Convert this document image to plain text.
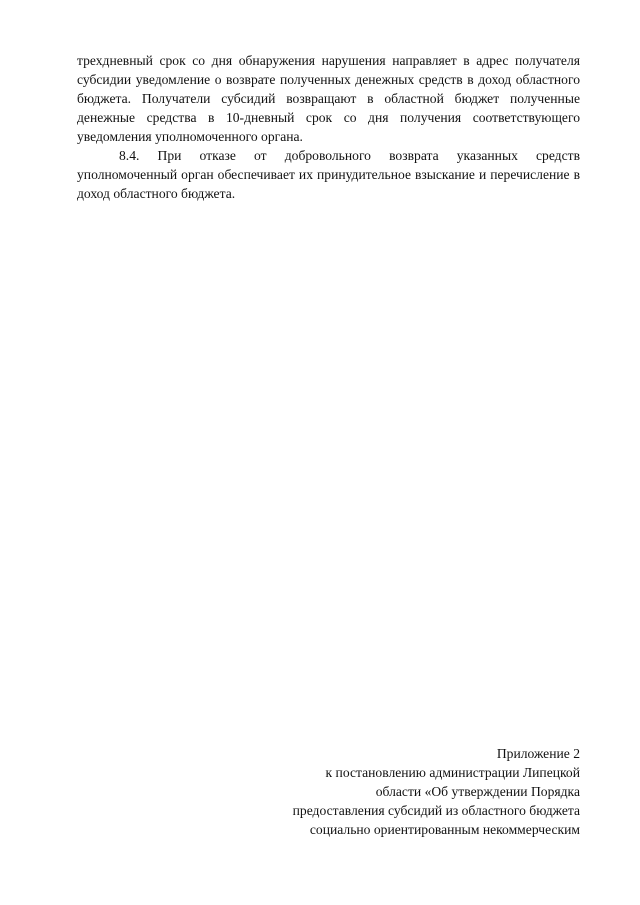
трехдневный срок со дня обнаружения нарушения направляет в адрес получателя субсидии уведомление о возврате полученных денежных средств в доход областного бюджета. Получатели субсидий возвращают в областной бюджет полученные денежные средства в 10-дневный срок со дня получения соответствующего уведомления уполномоченного органа.

8.4. При отказе от добровольного возврата указанных средств уполномоченный орган обеспечивает их принудительное взыскание и перечисление в доход областного бюджета.

Приложение 2
к постановлению администрации Липецкой
области «Об утверждении Порядка
предоставления субсидий из областного бюджета
социально ориентированным некоммерческим
